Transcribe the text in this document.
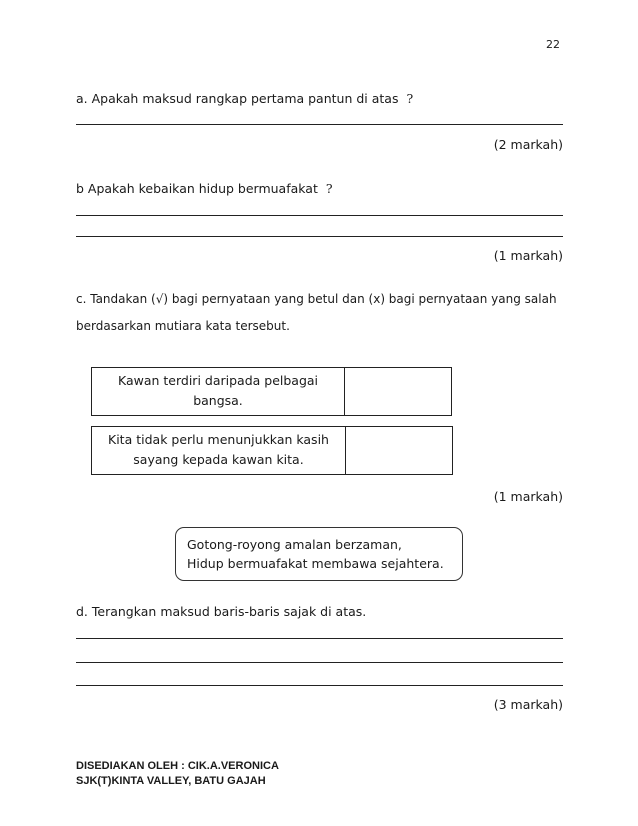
22
a. Apakah maksud rangkap pertama pantun di atas ?
(2 markah)
b Apakah kebaikan hidup bermuafakat ?
(1 markah)
c. Tandakan (√) bagi pernyataan yang betul dan (x) bagi pernyataan yang salah
berdasarkan mutiara kata tersebut.
Kawan terdiri daripada pelbagai
bangsa.
Kita tidak perlu menunjukkan kasih
sayang kepada kawan kita.
(1 markah)
Gotong-royong amalan berzaman,
Hidup bermuafakat membawa sejahtera.
d. Terangkan maksud baris-baris sajak di atas.
(3 markah)
DISEDIAKAN OLEH : CIK.A.VERONICA
SJK(T)KINTA VALLEY, BATU GAJAH
